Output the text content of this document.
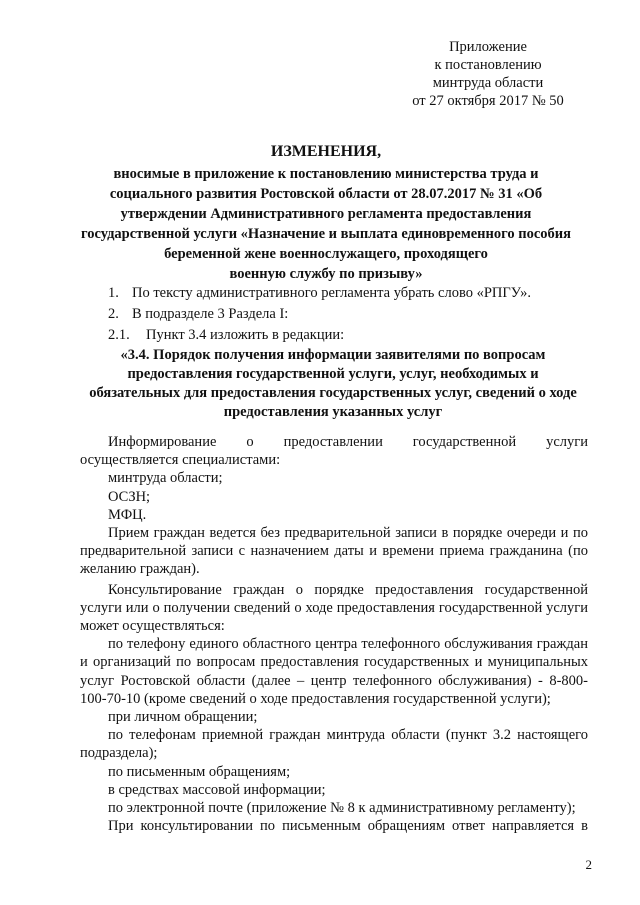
Приложение
к постановлению
минтруда области
от 27 октября 2017 № 50
ИЗМЕНЕНИЯ,
вносимые в приложение к постановлению министерства труда и
социального развития Ростовской области от 28.07.2017 № 31 «Об
утверждении Административного регламента предоставления
государственной услуги «Назначение и выплата единовременного пособия
беременной жене военнослужащего, проходящего
военную службу по призыву»
1. По тексту административного регламента убрать слово «РПГУ».
2. В подразделе 3 Раздела I:
2.1. Пункт 3.4 изложить в редакции:
«3.4. Порядок получения информации заявителями по вопросам
предоставления государственной услуги, услуг, необходимых и
обязательных для предоставления государственных услуг, сведений о ходе
предоставления указанных услуг

Информирование о предоставлении государственной услуги

осуществляется специалистами:

минтруда области;

ОСЗН;

МФЦ.

Прием граждан ведется без предварительной записи в порядке очереди и по предварительной записи с назначением даты и времени приема гражданина (по желанию граждан).

Консультирование граждан о порядке предоставления государственной услуги или о получении сведений о ходе предоставления государственной услуги может осуществляться:

по телефону единого областного центра телефонного обслуживания граждан и организаций по вопросам предоставления государственных и муниципальных услуг Ростовской области (далее – центр телефонного обслуживания) - 8-800-100-70-10 (кроме сведений о ходе предоставления государственной услуги);

при личном обращении;

по телефонам приемной граждан минтруда области (пункт 3.2 настоящего подраздела);

по письменным обращениям;

в средствах массовой информации;

по электронной почте (приложение № 8 к административному регламенту);

При консультировании по письменным обращениям ответ направляется в

2
